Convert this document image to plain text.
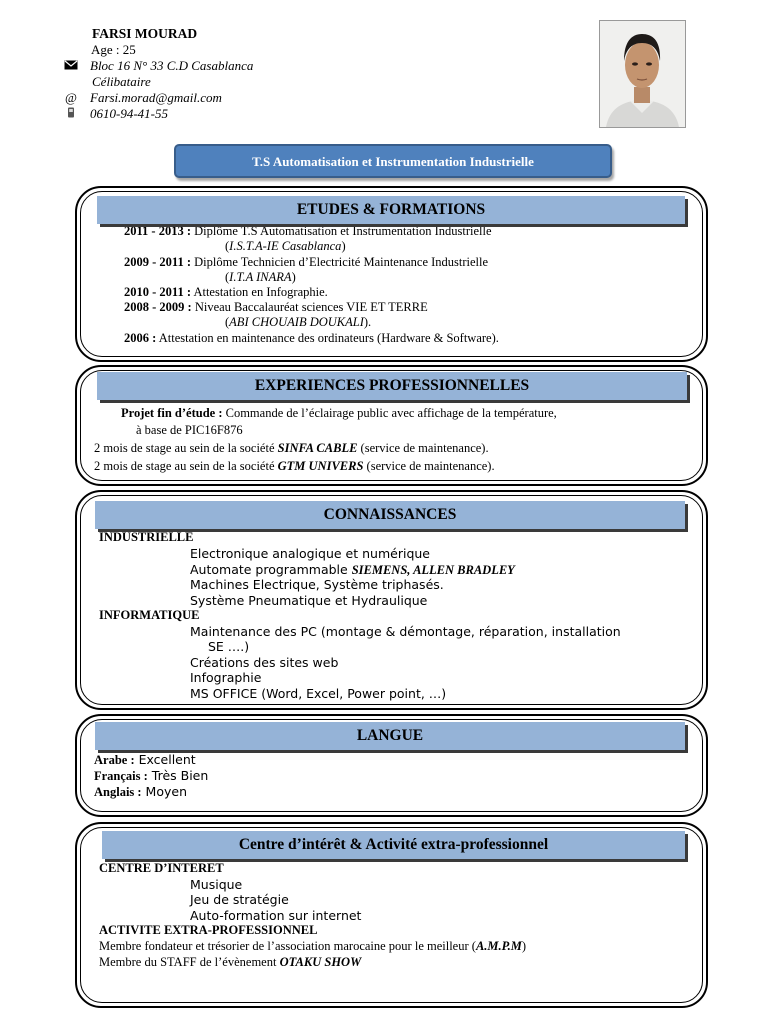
FARSI MOURAD
Age : 25
Bloc 16 N° 33 C.D Casablanca
Célibataire
@ Farsi.morad@gmail.com
0610-94-41-55
T.S Automatisation et Instrumentation Industrielle
ETUDES & FORMATIONS
2011 - 2013 : Diplôme T.S Automatisation et Instrumentation Industrielle
(I.S.T.A-IE Casablanca)
2009 - 2011 : Diplôme Technicien d’Electricité Maintenance Industrielle
(I.T.A INARA)
2010 - 2011 : Attestation en Infographie.
2008 - 2009 : Niveau Baccalauréat sciences VIE ET TERRE
(ABI CHOUAIB DOUKALI).
2006 : Attestation en maintenance des ordinateurs (Hardware & Software).
EXPERIENCES PROFESSIONNELLES
Projet fin d’étude : Commande de l’éclairage public avec affichage de la température,
à base de PIC16F876
2 mois de stage au sein de la société SINFA CABLE (service de maintenance).
2 mois de stage au sein de la société GTM UNIVERS (service de maintenance).
CONNAISSANCES
INDUSTRIELLE
Electronique analogique et numérique
Automate programmable SIEMENS, ALLEN BRADLEY
Machines Electrique, Système triphasés.
Système Pneumatique et Hydraulique
INFORMATIQUE
Maintenance des PC (montage & démontage, réparation, installation
SE ….)
Créations des sites web
Infographie
MS OFFICE (Word, Excel, Power point, …)
LANGUE
Arabe : Excellent
Français : Très Bien
Anglais : Moyen
Centre d’intérêt & Activité extra-professionnel
CENTRE D’INTERET
Musique
Jeu de stratégie
Auto-formation sur internet
ACTIVITE EXTRA-PROFESSIONNEL
Membre fondateur et trésorier de l’association marocaine pour le meilleur (A.M.P.M)
Membre du STAFF de l’évènement OTAKU SHOW
